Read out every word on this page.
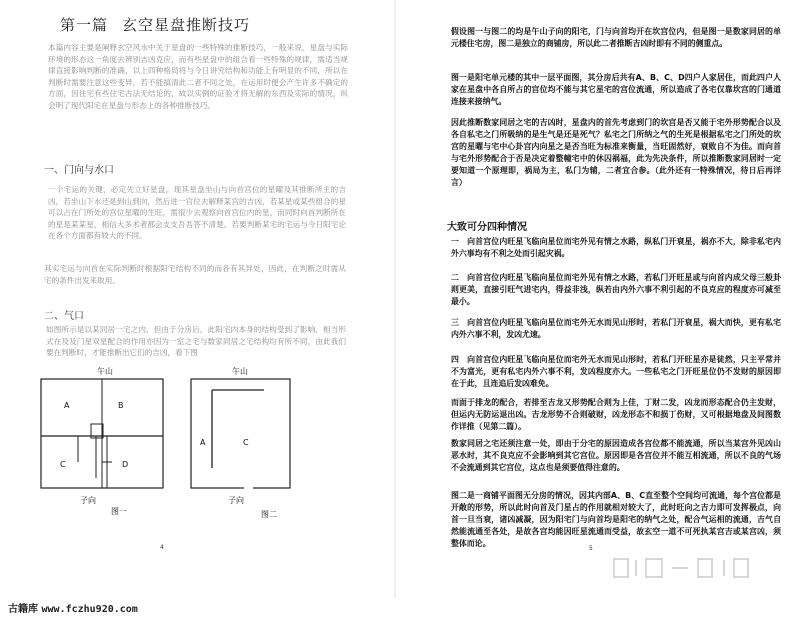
第一篇 玄空星盘推断技巧

本篇内容主要是阐释玄空风水中关于星盘的一些特殊的推断技巧，一般来说，星盘与实际环境的形态这一角度去辨别吉凶克应，而有些星盘中的组合看一些特殊的规律，需适当规律直接影响判断的准确，以上四种格局将与今日讲究结构和功能上有明显的不同，所以在判断时需要注意这些变异，若不能搞清此二者不同之处，在运用时便会产生许多不确定的方面，因住宅有些住宅古法无结论的，故以实例的证验才将无解的东西及实际的情况，纵会明了现代阳宅在星盘与形态上的各种推断技巧。

一、门向与水口

一个宅运的关键，必定先立好星盘。现其星盘坐山与向首宫位的星曜及其推断所主的吉凶，若坐山下水还是到山到向，然后进一宫位去解释某宫的吉凶，若某星或某些组合的星可以占在门所处的宫位星曜的生旺，需很少去观察向首宫位内的星，而同时向首判断所在的星是某某星，相信大多术者都会支支吾吾答不清楚。若要判断某宅的宅运与今日阳宅论在各个方面都有较大的不同。

其实宅运与向首在实际判断时根据阳宅结构不同的而各有其异处，因此，在判断之时需从宅的条件出发来取用。

二、气口

如图所示是以某同居一宅之内，但由于分房后，此阳宅内本身的结构受到了影响，相当形式在及及门星双星配合的作用亦因为一室之宅与数家同居之宅结构均有所不同，由此我们要在判断时，才能推断出它们的吉凶，看下图

午山
A	B
C	D
子向
图一
午山
A	C
子向
图二
4

假设图一与图二的均是午山子向的阳宅，门与向首均开在坎宫位内，但是图一是数家同居的单元楼住宅房，图二是独立的商铺房，所以此二者推断吉凶时即有不同的侧重点。

图一是阳宅单元楼的其中一层平面图，其分房后共有A、B、C、D四户人家居住，而此四户人家在星盘中各自所占的宫位均不能与其它星宅的宫位流通，所以造成了各宅仅靠坎宫的门通道连接来接纳气。

因此推断数家同居之宅的吉凶时，星盘内的首先考虑到门的坎宫是否又能于宅外形势配合以及各自私宅之门所吸纳的是生气是还是死气？私宅之门所纳之气的生死是根据私宅之门所处的坎宫的星曜与宅中心卦宫内向星之是否当旺为标准来衡量，当旺固然好，衰败自不为佳。而向首与宅外形势配合于否是决定着整幢宅中的休囚祸福，此为先决条件，所以推断数家同居时一定要知道一个原理即，祸局为主，私门为辅，二者宜合参。（此外还有一特殊情况，待日后再详言）

大致可分四种情况

一　向首宫位内旺星飞临向星位而宅外见有情之水路，纵私门开衰星，祸亦不大，除非私宅内外六事均有不利之处而引起灾祸。

二　向首宫位内旺星飞临向星位而宅外见有情之水路，若私门开旺星或与向首内成父母三般卦则更美，直接引旺气进宅内，得益非浅，纵若由内外六事不利引起的不良克应的程度亦可减至最小。

三　向首宫位内旺星飞临向星位而宅外无水而见山形时，若私门开衰星，祸大而快，更有私宅内外六事不利，发凶尤速。

四　向首宫位内旺星飞临向星位而宅外无水而见山形时，若私门开旺星亦是徒然，只主平常并不为富光，更有私宅内外六事不利，发凶程度亦大。一些私宅之门开旺星位仍不发财的原因即在于此，且连追后发凶难免。

而面于排龙的配合，若排至吉龙又形势配合则为上佳，丁财二发，凶龙而形态配合仍主发财，但运内无防运退出凶。吉龙形势不合则破财，凶龙形态不和损丁伤财，又可根据地盘及间图数作详推（见第二篇）。

数家同居之宅还须注意一处，即由于分宅的原因造成各宫位都不能流通，所以当某宫外见凶山恶水时，其不良克应不会影响到其它宫位。原因即是各宫位并不能互相流通，所以不良的气场不会流通到其它宫位，这点也是须要值得注意的。

图二是一商铺平面图无分房的情况，因其内部A、B、C直至整个空间均可流通，每个宫位都是开敞的形势，所以此时向首及门星占的作用就相对较大了，此时旺向之吉力即可发挥极点，向首一旦当衰，诸凶减凝，因为阳宅门与向首均是阳宅的纳气之处，配合气运相的流通，吉气自然能流通至各处，是故各宫均能因旺星流通而受益，故玄空一道不可死执某宫吉或某宫凶，须整体而论。

5
古籍库 www.fczhu920.com
